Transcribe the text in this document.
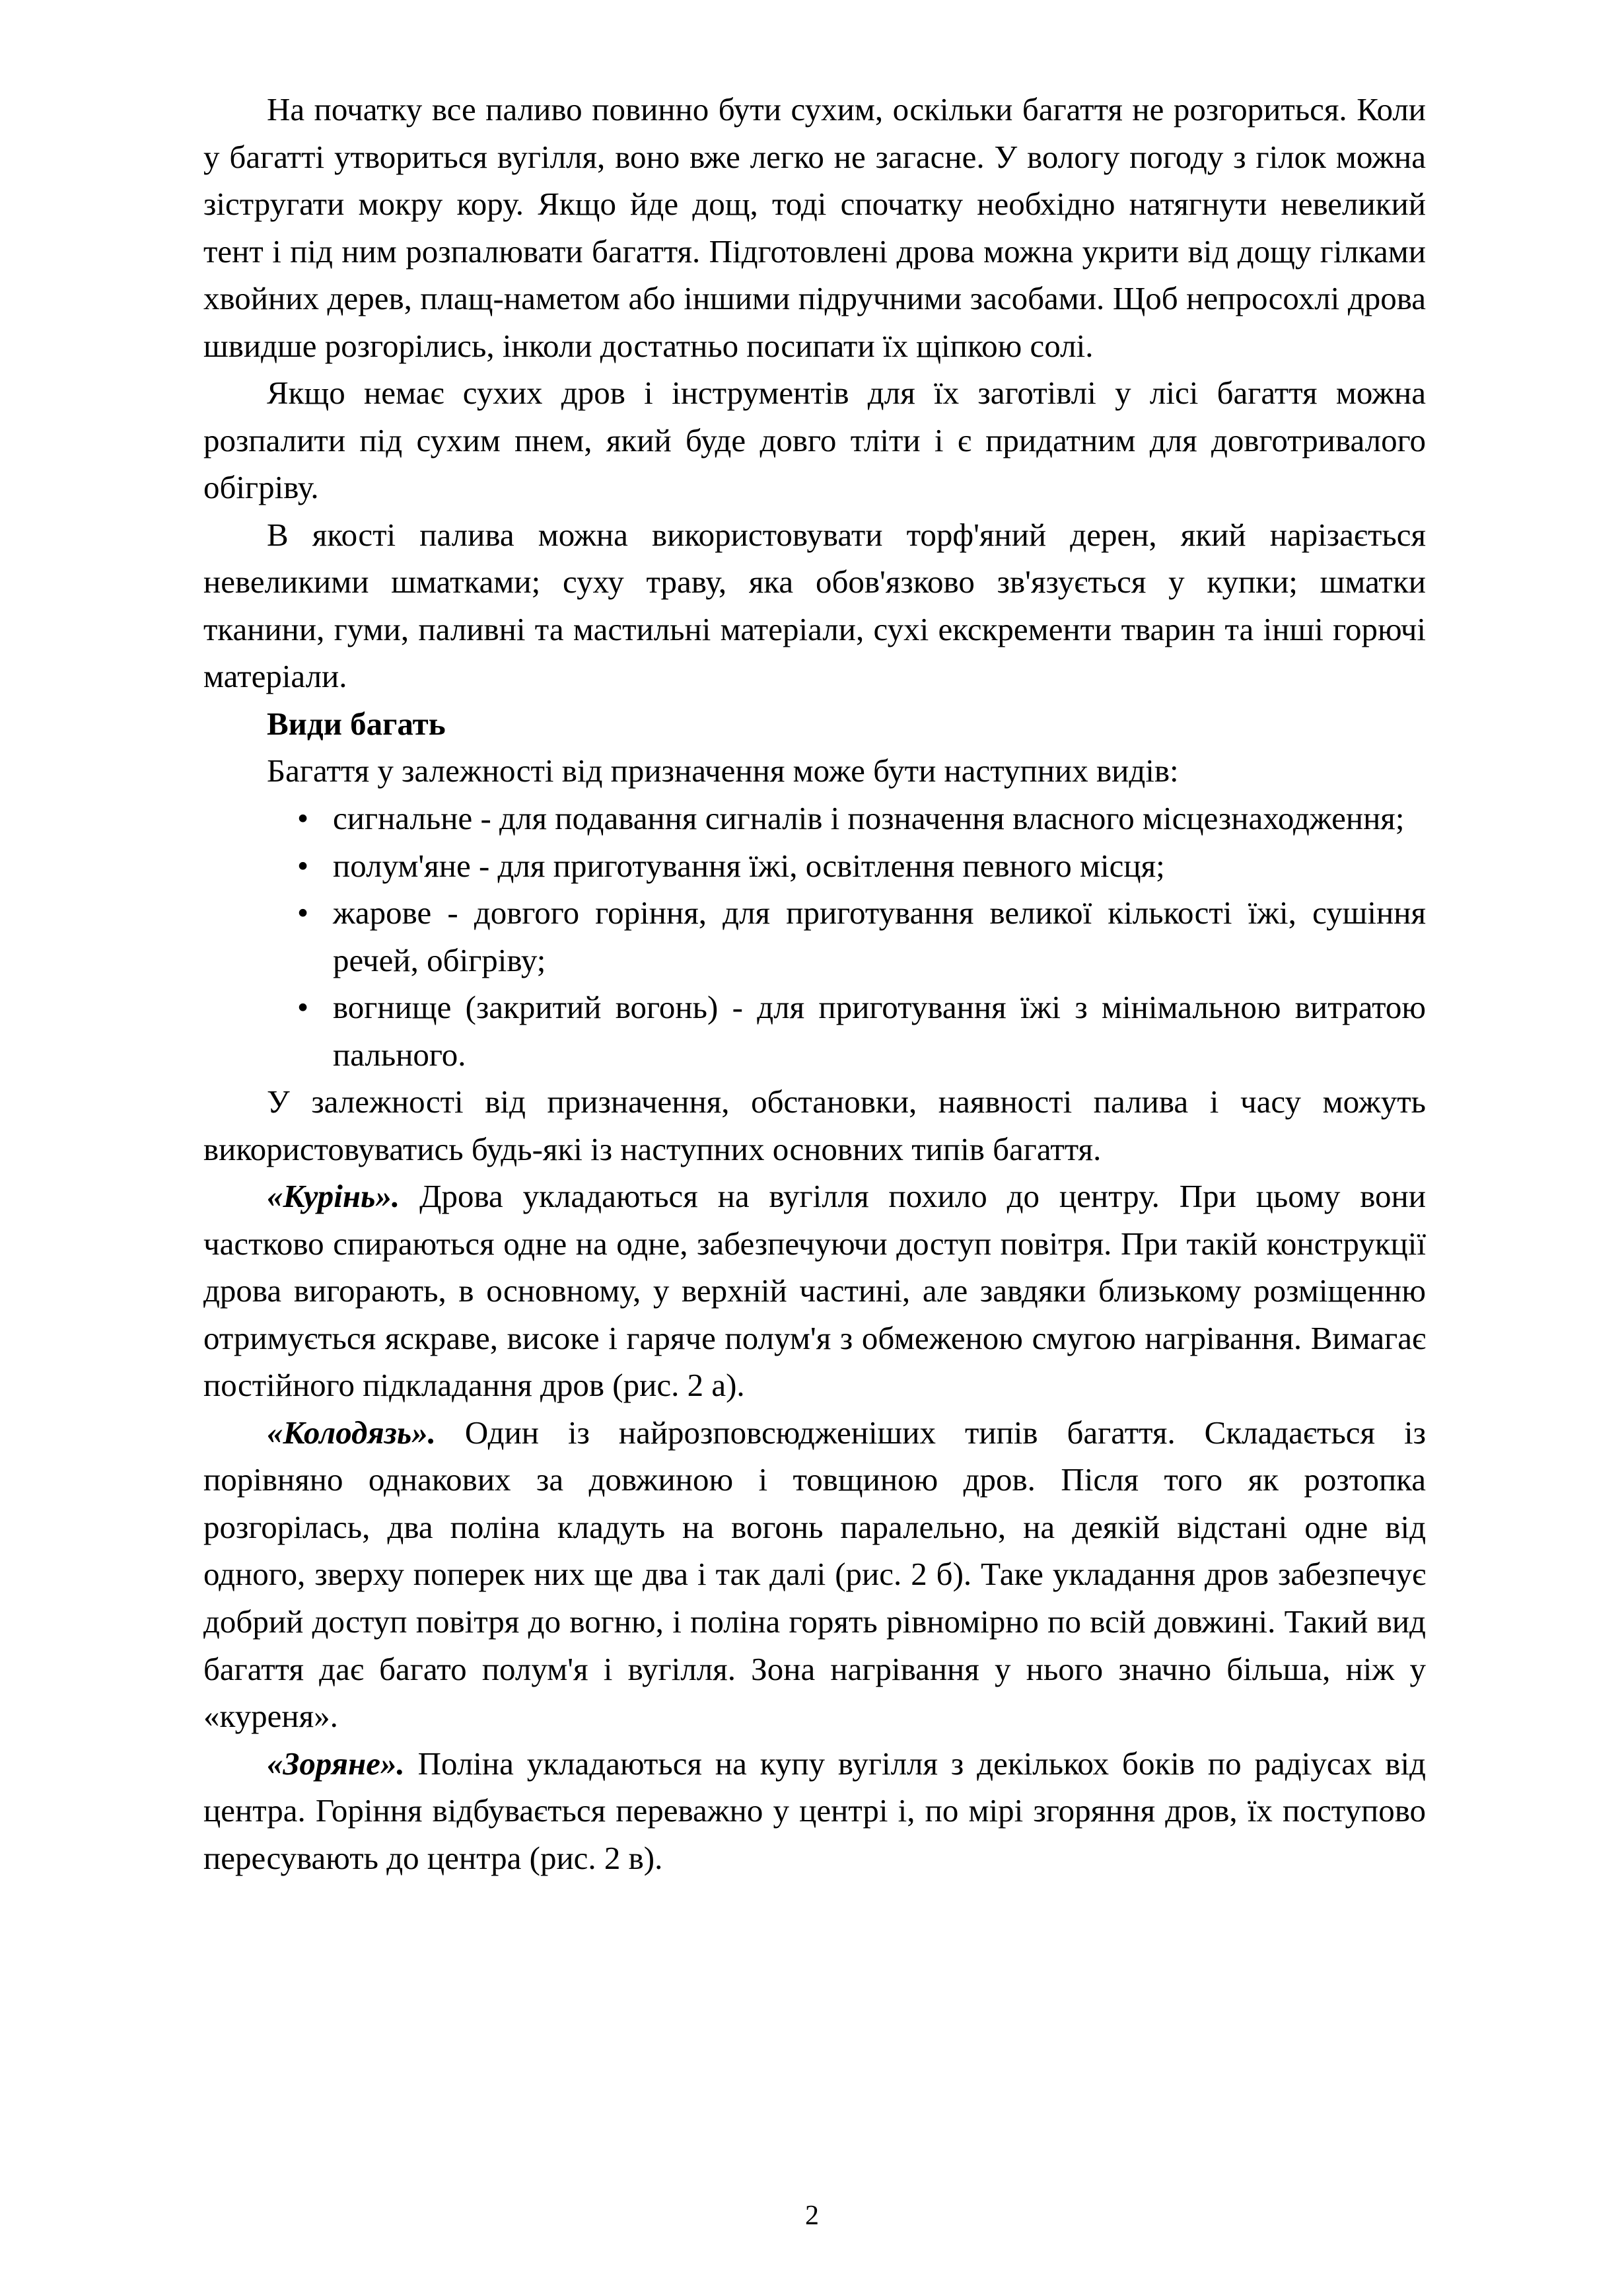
На початку все паливо повинно бути сухим, оскільки багаття не розгориться. Коли у багатті утвориться вугілля, воно вже легко не загасне. У вологу погоду з гілок можна зістругати мокру кору. Якщо йде дощ, тоді спочатку необхідно натягнути невеликий тент і під ним розпалювати багаття. Підготовлені дрова можна укрити від дощу гілками хвойних дерев, плащ-наметом або іншими підручними засобами. Щоб непросохлі дрова швидше розгорілись, інколи достатньо посипати їх щіпкою солі.

Якщо немає сухих дров і інструментів для їх заготівлі у лісі багаття можна розпалити під сухим пнем, який буде довго тліти і є придатним для довготривалого обігріву.

В якості палива можна використовувати торф'яний дерен, який нарізається невеликими шматками; суху траву, яка обов'язково зв'язується у купки; шматки тканини, гуми, паливні та мастильні матеріали, сухі екскременти тварин та інші горючі матеріали.

Види багать

Багаття у залежності від призначення може бути наступних видів:

• сигнальне - для подавання сигналів і позначення власного місцезнаходження;
• полум'яне - для приготування їжі, освітлення певного місця;
• жарове - довгого горіння, для приготування великої кількості їжі, сушіння речей, обігріву;
• вогнище (закритий вогонь) - для приготування їжі з мінімальною витратою пального.

У залежності від призначення, обстановки, наявності палива і часу можуть використовуватись будь-які із наступних основних типів багаття.

«Курінь». Дрова укладаються на вугілля похило до центру. При цьому вони частково спираються одне на одне, забезпечуючи доступ повітря. При такій конструкції дрова вигорають, в основному, у верхній частині, але завдяки близькому розміщенню отримується яскраве, високе і гаряче полум'я з обмеженою смугою нагрівання. Вимагає постійного підкладання дров (рис. 2 а).

«Колодязь». Один із найрозповсюдженіших типів багаття. Складається із порівняно однакових за довжиною і товщиною дров. Після того як розтопка розгорілась, два поліна кладуть на вогонь паралельно, на деякій відстані одне від одного, зверху поперек них ще два і так далі (рис. 2 б). Таке укладання дров забезпечує добрий доступ повітря до вогню, і поліна горять рівномірно по всій довжині. Такий вид багаття дає багато полум'я і вугілля. Зона нагрівання у нього значно більша, ніж у «куреня».

«Зоряне». Поліна укладаються на купу вугілля з декількох боків по радіусах від центра. Горіння відбувається переважно у центрі і, по мірі згоряння дров, їх поступово пересувають до центра (рис. 2 в).

2
